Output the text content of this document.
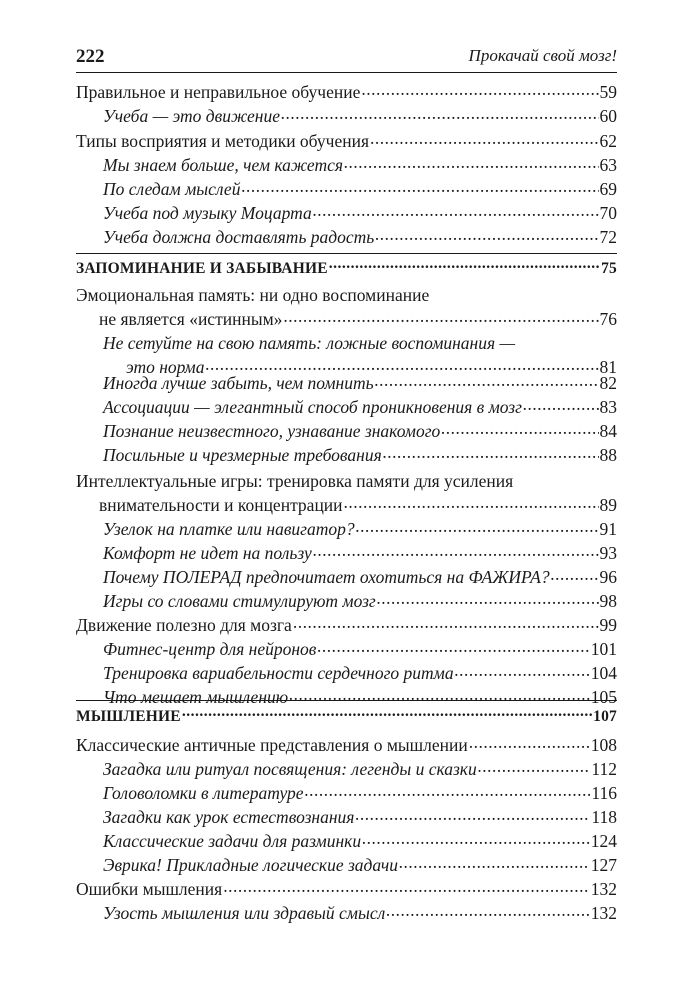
222	Прокачай свой мозг!
Правильное и неправильное обучение .....	59
Учеба — это движение .....	60
Типы восприятия и методики обучения .....	62
Мы знаем больше, чем кажется .....	63
По следам мыслей .....	69
Учеба под музыку Моцарта .....	70
Учеба должна доставлять радость .....	72
ЗАПОМИНАНИЕ И ЗАБЫВАНИЕ .....	75
Эмоциональная память: ни одно воспоминание
не является «истинным» .....	76
Не сетуйте на свою память: ложные воспоминания —
это норма .....	81
Иногда лучше забыть, чем помнить .....	82
Ассоциации — элегантный способ проникновения в мозг .....	83
Познание неизвестного, узнавание знакомого .....	84
Посильные и чрезмерные требования .....	88
Интеллектуальные игры: тренировка памяти для усиления
внимательности и концентрации .....	89
Узелок на платке или навигатор? .....	91
Комфорт не идет на пользу .....	93
Почему ПОЛЕРАД предпочитает охотиться на ФАЖИРА? .....	96
Игры со словами стимулируют мозг .....	98
Движение полезно для мозга .....	99
Фитнес-центр для нейронов .....	101
Тренировка вариабельности сердечного ритма .....	104
Что мешает мышлению .....	105
МЫШЛЕНИЕ .....	107
Классические античные представления о мышлении .....	108
Загадка или ритуал посвящения: легенды и сказки .....	112
Головоломки в литературе .....	116
Загадки как урок естествознания .....	118
Классические задачи для разминки .....	124
Эврика! Прикладные логические задачи .....	127
Ошибки мышления .....	132
Узость мышления или здравый смысл .....	132
